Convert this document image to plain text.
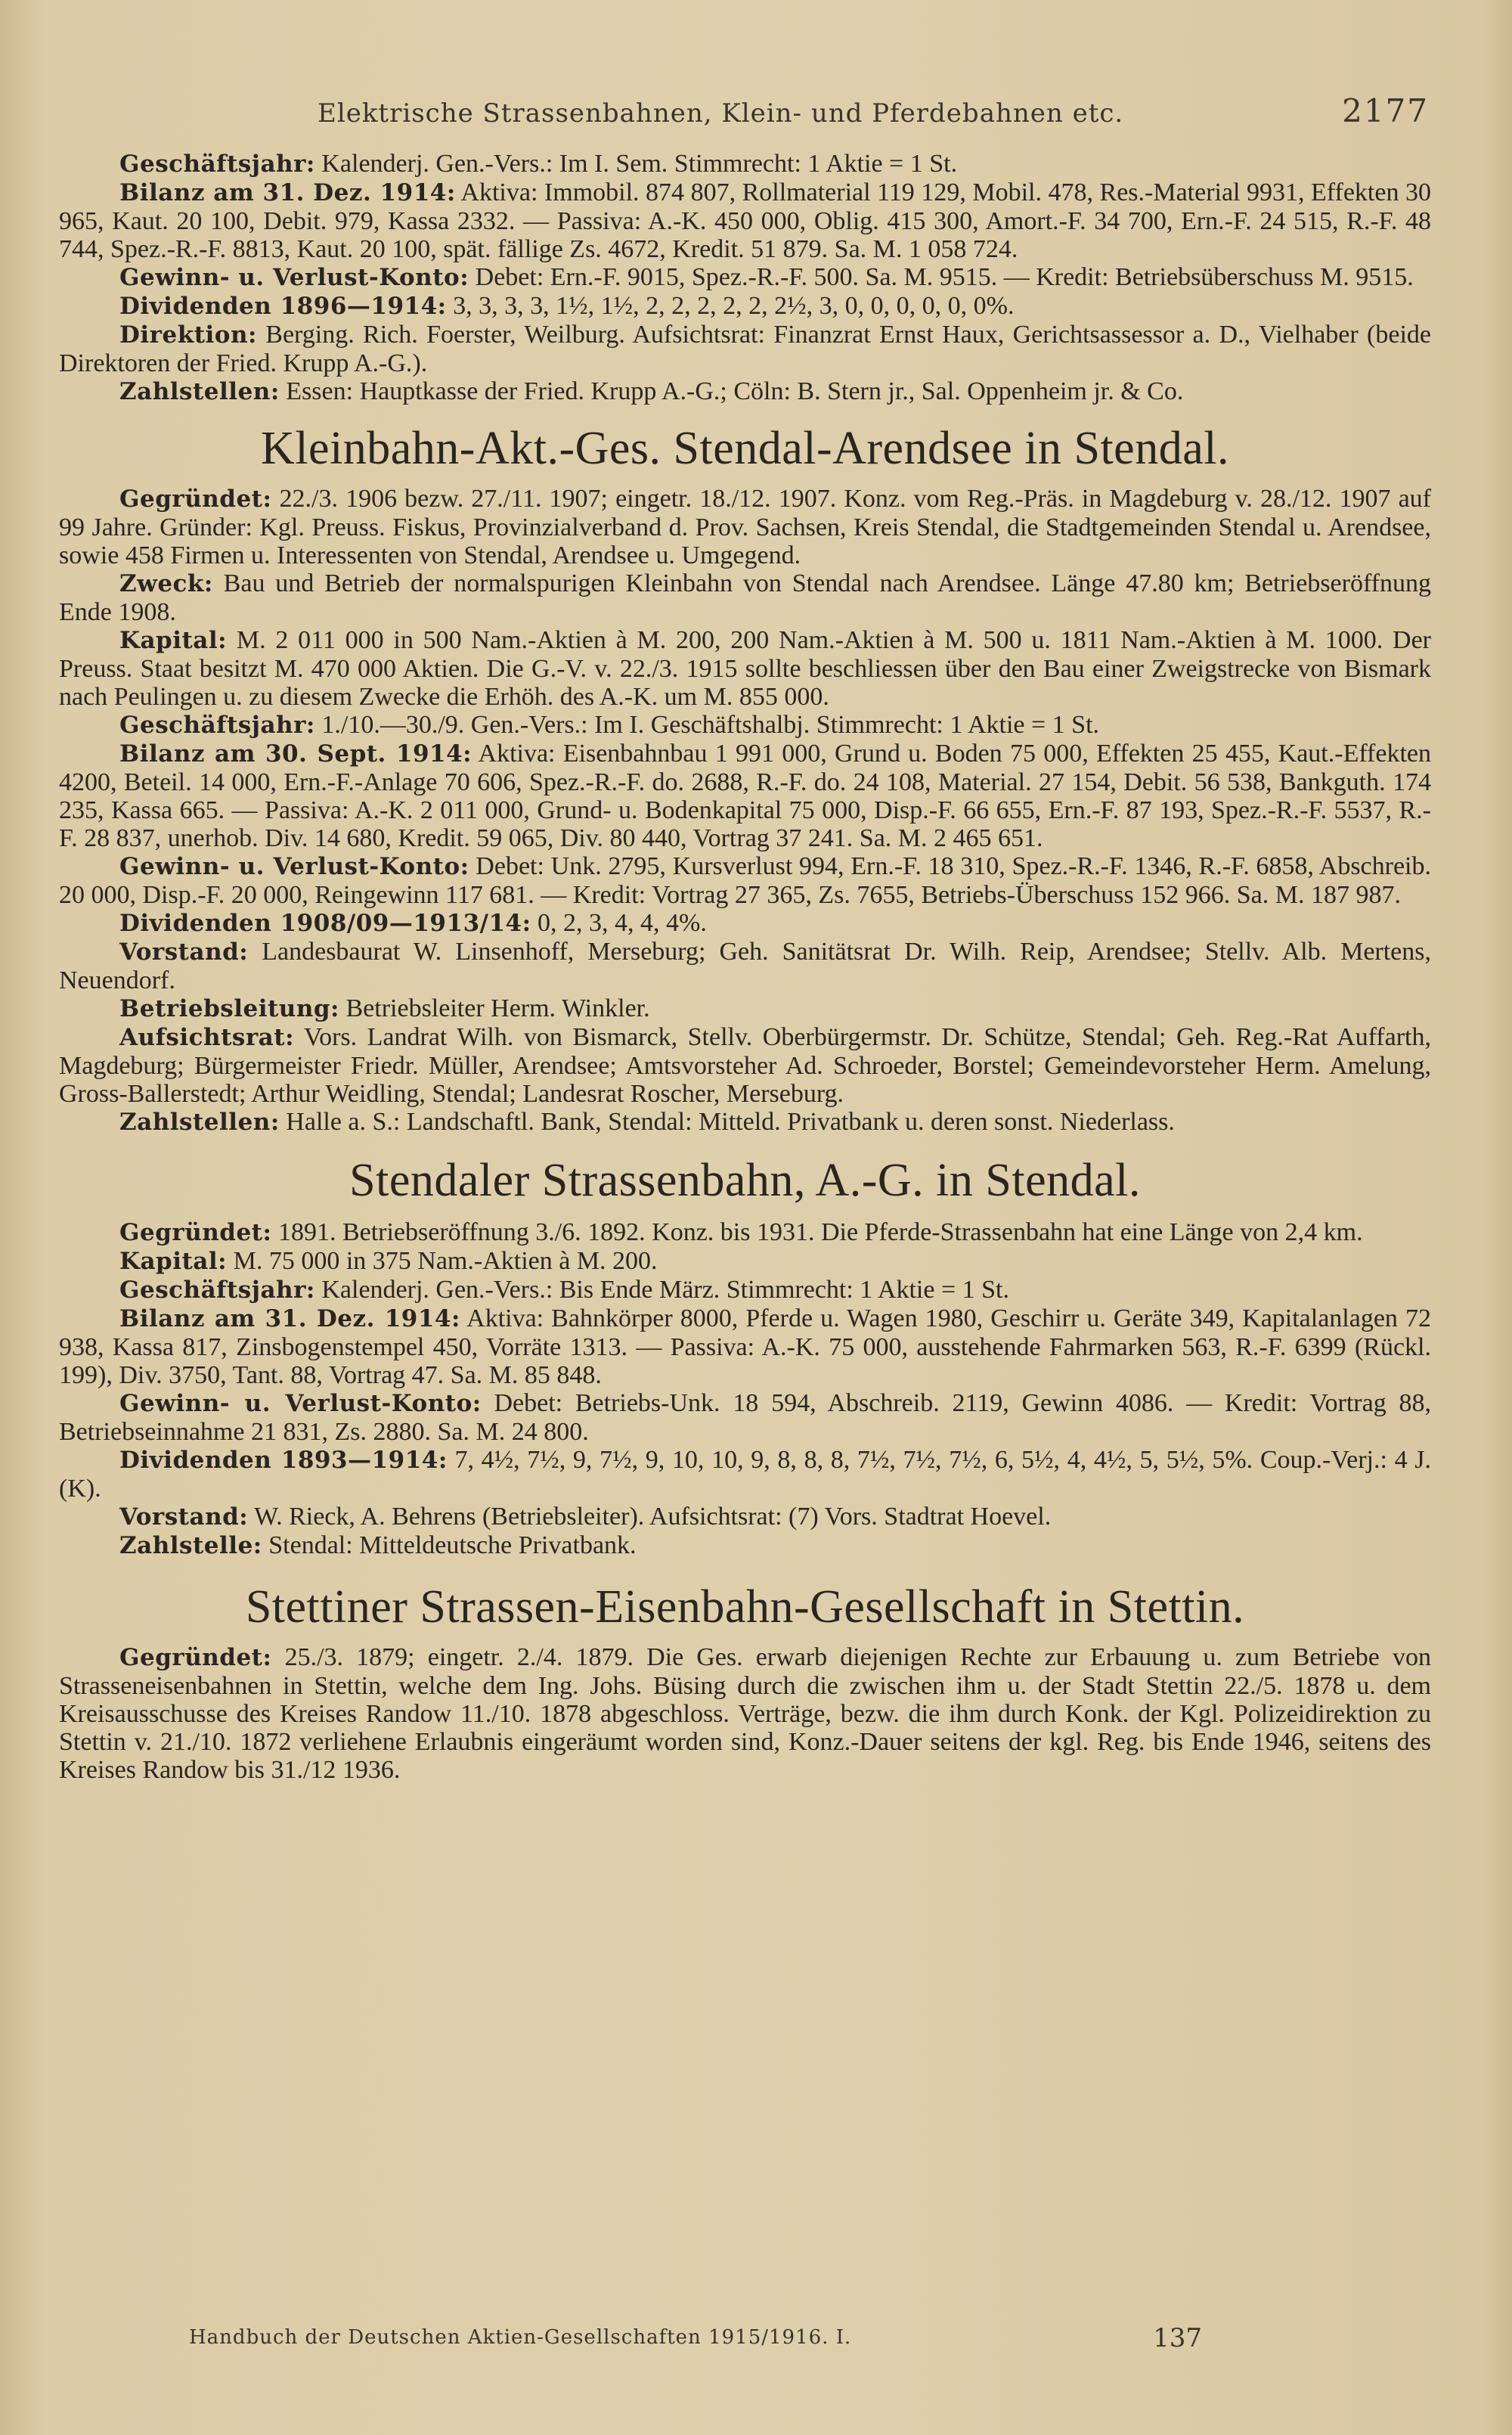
Elektrische Strassenbahnen, Klein- und Pferdebahnen etc.	2177

Geschäftsjahr: Kalenderj. Gen.-Vers.: Im I. Sem. Stimmrecht: 1 Aktie = 1 St.

Bilanz am 31. Dez. 1914: Aktiva: Immobil. 874 807, Rollmaterial 119 129, Mobil. 478, Res.-Material 9931, Effekten 30 965, Kaut. 20 100, Debit. 979, Kassa 2332. — Passiva: A.-K. 450 000, Oblig. 415 300, Amort.-F. 34 700, Ern.-F. 24 515, R.-F. 48 744, Spez.-R.-F. 8813, Kaut. 20 100, spät. fällige Zs. 4672, Kredit. 51 879. Sa. M. 1 058 724.

Gewinn- u. Verlust-Konto: Debet: Ern.-F. 9015, Spez.-R.-F. 500. Sa. M. 9515. — Kredit: Betriebsüberschuss M. 9515.

Dividenden 1896—1914: 3, 3, 3, 3, 1½, 1½, 2, 2, 2, 2, 2, 2½, 3, 0, 0, 0, 0, 0, 0%.

Direktion: Berging. Rich. Foerster, Weilburg. Aufsichtsrat: Finanzrat Ernst Haux, Gerichtsassessor a. D., Vielhaber (beide Direktoren der Fried. Krupp A.-G.).

Zahlstellen: Essen: Hauptkasse der Fried. Krupp A.-G.; Cöln: B. Stern jr., Sal. Oppenheim jr. & Co.

Kleinbahn-Akt.-Ges. Stendal-Arendsee in Stendal.

Gegründet: 22./3. 1906 bezw. 27./11. 1907; eingetr. 18./12. 1907. Konz. vom Reg.-Präs. in Magdeburg v. 28./12. 1907 auf 99 Jahre. Gründer: Kgl. Preuss. Fiskus, Provinzialverband d. Prov. Sachsen, Kreis Stendal, die Stadtgemeinden Stendal u. Arendsee, sowie 458 Firmen u. Interessenten von Stendal, Arendsee u. Umgegend.

Zweck: Bau und Betrieb der normalspurigen Kleinbahn von Stendal nach Arendsee. Länge 47.80 km; Betriebseröffnung Ende 1908.

Kapital: M. 2 011 000 in 500 Nam.-Aktien à M. 200, 200 Nam.-Aktien à M. 500 u. 1811 Nam.-Aktien à M. 1000. Der Preuss. Staat besitzt M. 470 000 Aktien. Die G.-V. v. 22./3. 1915 sollte beschliessen über den Bau einer Zweigstrecke von Bismark nach Peulingen u. zu diesem Zwecke die Erhöh. des A.-K. um M. 855 000.

Geschäftsjahr: 1./10.—30./9. Gen.-Vers.: Im I. Geschäftshalbj. Stimmrecht: 1 Aktie = 1 St.

Bilanz am 30. Sept. 1914: Aktiva: Eisenbahnbau 1 991 000, Grund u. Boden 75 000, Effekten 25 455, Kaut.-Effekten 4200, Beteil. 14 000, Ern.-F.-Anlage 70 606, Spez.-R.-F. do. 2688, R.-F. do. 24 108, Material. 27 154, Debit. 56 538, Bankguth. 174 235, Kassa 665. — Passiva: A.-K. 2 011 000, Grund- u. Bodenkapital 75 000, Disp.-F. 66 655, Ern.-F. 87 193, Spez.-R.-F. 5537, R.-F. 28 837, unerhob. Div. 14 680, Kredit. 59 065, Div. 80 440, Vortrag 37 241. Sa. M. 2 465 651.

Gewinn- u. Verlust-Konto: Debet: Unk. 2795, Kursverlust 994, Ern.-F. 18 310, Spez.-R.-F. 1346, R.-F. 6858, Abschreib. 20 000, Disp.-F. 20 000, Reingewinn 117 681. — Kredit: Vortrag 27 365, Zs. 7655, Betriebs-Überschuss 152 966. Sa. M. 187 987.

Dividenden 1908/09—1913/14: 0, 2, 3, 4, 4, 4%.

Vorstand: Landesbaurat W. Linsenhoff, Merseburg; Geh. Sanitätsrat Dr. Wilh. Reip, Arendsee; Stellv. Alb. Mertens, Neuendorf.

Betriebsleitung: Betriebsleiter Herm. Winkler.

Aufsichtsrat: Vors. Landrat Wilh. von Bismarck, Stellv. Oberbürgermstr. Dr. Schütze, Stendal; Geh. Reg.-Rat Auffarth, Magdeburg; Bürgermeister Friedr. Müller, Arendsee; Amtsvorsteher Ad. Schroeder, Borstel; Gemeindevorsteher Herm. Amelung, Gross-Ballerstedt; Arthur Weidling, Stendal; Landesrat Roscher, Merseburg.

Zahlstellen: Halle a. S.: Landschaftl. Bank, Stendal: Mitteld. Privatbank u. deren sonst. Niederlass.

Stendaler Strassenbahn, A.-G. in Stendal.

Gegründet: 1891. Betriebseröffnung 3./6. 1892. Konz. bis 1931. Die Pferde-Strassenbahn hat eine Länge von 2,4 km.

Kapital: M. 75 000 in 375 Nam.-Aktien à M. 200.

Geschäftsjahr: Kalenderj. Gen.-Vers.: Bis Ende März. Stimmrecht: 1 Aktie = 1 St.

Bilanz am 31. Dez. 1914: Aktiva: Bahnkörper 8000, Pferde u. Wagen 1980, Geschirr u. Geräte 349, Kapitalanlagen 72 938, Kassa 817, Zinsbogenstempel 450, Vorräte 1313. — Passiva: A.-K. 75 000, ausstehende Fahrmarken 563, R.-F. 6399 (Rückl. 199), Div. 3750, Tant. 88, Vortrag 47. Sa. M. 85 848.

Gewinn- u. Verlust-Konto: Debet: Betriebs-Unk. 18 594, Abschreib. 2119, Gewinn 4086. — Kredit: Vortrag 88, Betriebseinnahme 21 831, Zs. 2880. Sa. M. 24 800.

Dividenden 1893—1914: 7, 4½, 7½, 9, 7½, 9, 10, 10, 9, 8, 8, 8, 7½, 7½, 7½, 6, 5½, 4, 4½, 5, 5½, 5%. Coup.-Verj.: 4 J. (K).

Vorstand: W. Rieck, A. Behrens (Betriebsleiter). Aufsichtsrat: (7) Vors. Stadtrat Hoevel.

Zahlstelle: Stendal: Mitteldeutsche Privatbank.

Stettiner Strassen-Eisenbahn-Gesellschaft in Stettin.

Gegründet: 25./3. 1879; eingetr. 2./4. 1879. Die Ges. erwarb diejenigen Rechte zur Erbauung u. zum Betriebe von Strasseneisenbahnen in Stettin, welche dem Ing. Johs. Büsing durch die zwischen ihm u. der Stadt Stettin 22./5. 1878 u. dem Kreisausschusse des Kreises Randow 11./10. 1878 abgeschloss. Verträge, bezw. die ihm durch Konk. der Kgl. Polizeidirektion zu Stettin v. 21./10. 1872 verliehene Erlaubnis eingeräumt worden sind, Konz.-Dauer seitens der kgl. Reg. bis Ende 1946, seitens des Kreises Randow bis 31./12 1936.

Handbuch der Deutschen Aktien-Gesellschaften 1915/1916. I.	137
